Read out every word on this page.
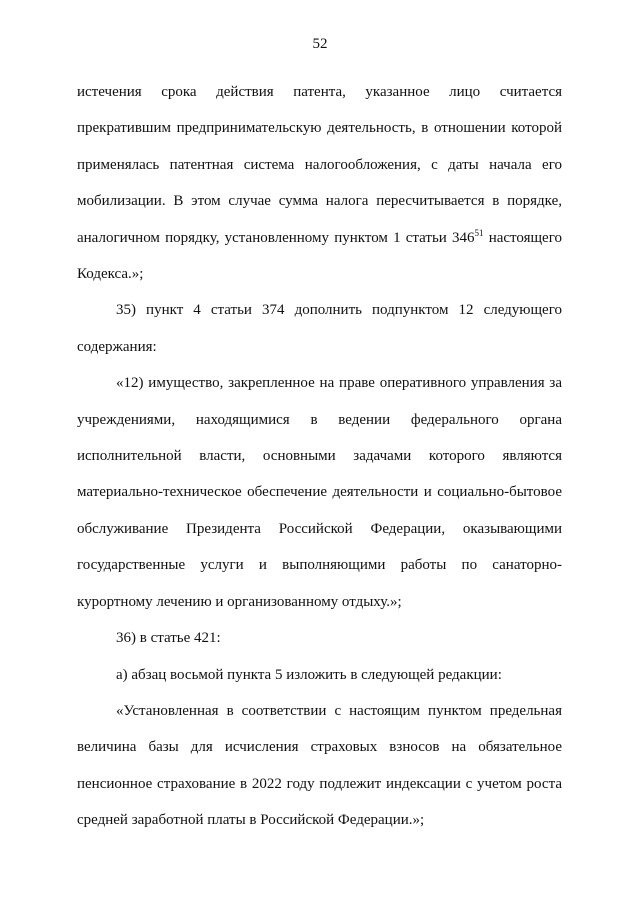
52

истечения срока действия патента, указанное лицо считается прекратившим предпринимательскую деятельность, в отношении которой применялась патентная система налогообложения, с даты начала его мобилизации. В этом случае сумма налога пересчитывается в порядке, аналогичном порядку, установленному пунктом 1 статьи $346^{51}$ настоящего Кодекса.»;

35) пункт 4 статьи 374 дополнить подпунктом 12 следующего содержания:

«12) имущество, закрепленное на праве оперативного управления за учреждениями, находящимися в ведении федерального органа исполнительной власти, основными задачами которого являются материально-техническое обеспечение деятельности и социально-бытовое обслуживание Президента Российской Федерации, оказывающими государственные услуги и выполняющими работы по санаторно-курортному лечению и организованному отдыху.»;

36) в статье 421:

а) абзац восьмой пункта 5 изложить в следующей редакции:

«Установленная в соответствии с настоящим пунктом предельная величина базы для исчисления страховых взносов на обязательное пенсионное страхование в 2022 году подлежит индексации с учетом роста средней заработной платы в Российской Федерации.»;
